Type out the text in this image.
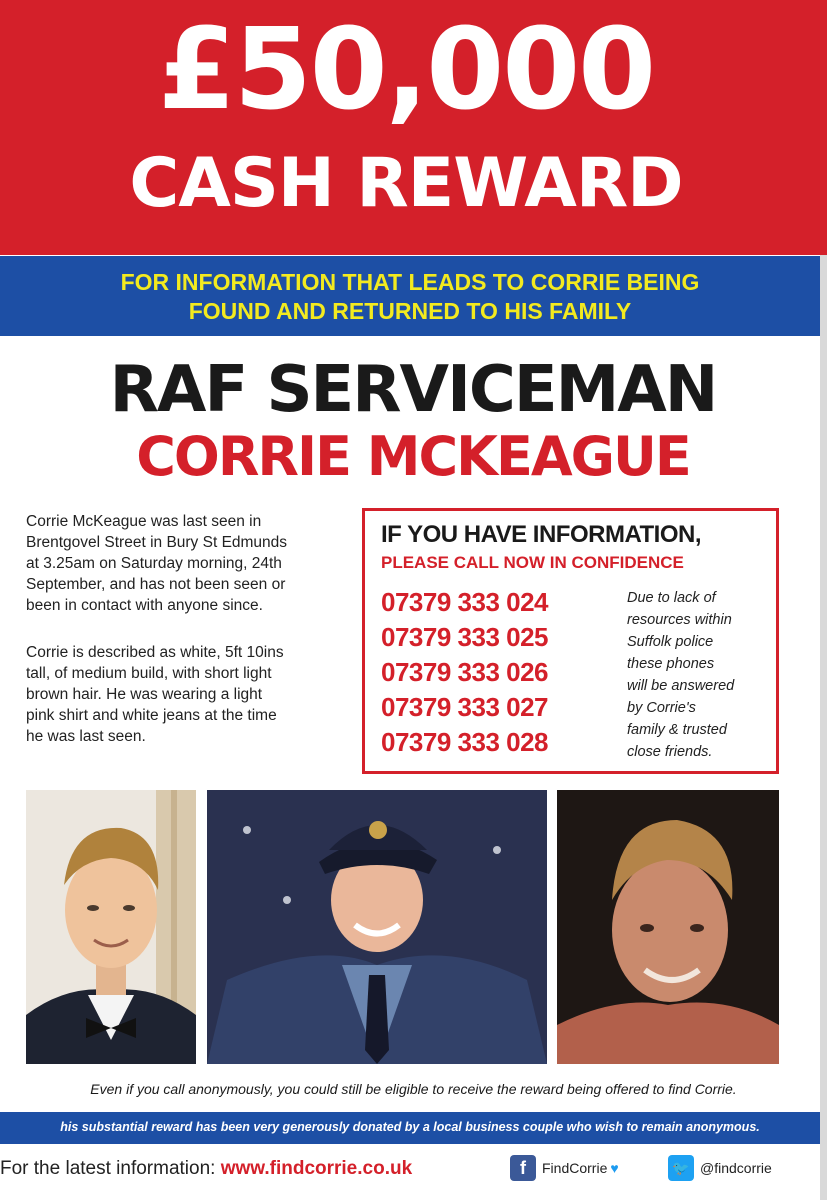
£50,000
CASH REWARD
FOR INFORMATION THAT LEADS TO CORRIE BEING
FOUND AND RETURNED TO HIS FAMILY
RAF SERVICEMAN
CORRIE MCKEAGUE
Corrie McKeague was last seen in
Brentgovel Street in Bury St Edmunds
at 3.25am on Saturday morning, 24th
September, and has not been seen or
been in contact with anyone since.
Corrie is described as white, 5ft 10ins
tall, of medium build, with short light
brown hair. He was wearing a light
pink shirt and white jeans at the time
he was last seen.
IF YOU HAVE INFORMATION,
PLEASE CALL NOW IN CONFIDENCE
07379 333 024
07379 333 025
07379 333 026
07379 333 027
07379 333 028
Due to lack of
resources within
Suffolk police
these phones
will be answered
by Corrie's
family & trusted
close friends.
Even if you call anonymously, you could still be eligible to receive the reward being offered to find Corrie.
his substantial reward has been very generously donated by a local business couple who wish to remain anonymous.
For the latest information: www.findcorrie.co.uk	f	FindCorrie ♥	🐦 @findcorrie
